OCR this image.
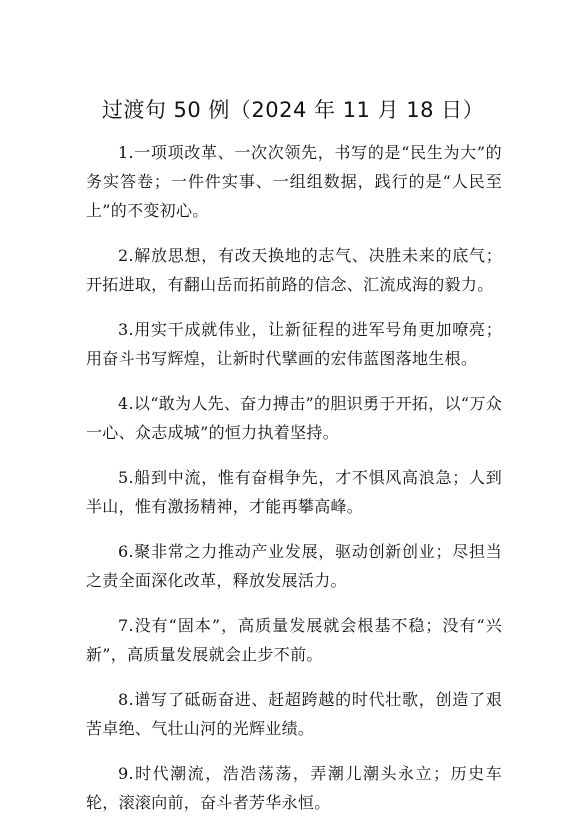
过渡句 50 例（2024 年 11 月 18 日）

1.一项项改革、一次次领先，书写的是“民生为大”的务实答卷；一件件实事、一组组数据，践行的是“人民至上”的不变初心。

2.解放思想，有改天换地的志气、决胜未来的底气；开拓进取，有翻山岳而拓前路的信念、汇流成海的毅力。

3.用实干成就伟业，让新征程的进军号角更加嘹亮；用奋斗书写辉煌，让新时代擘画的宏伟蓝图落地生根。

4.以“敢为人先、奋力搏击”的胆识勇于开拓，以“万众一心、众志成城”的恒力执着坚持。

5.船到中流，惟有奋楫争先，才不惧风高浪急；人到半山，惟有激扬精神，才能再攀高峰。

6.聚非常之力推动产业发展，驱动创新创业；尽担当之责全面深化改革，释放发展活力。

7.没有“固本”，高质量发展就会根基不稳；没有“兴新”，高质量发展就会止步不前。

8.谱写了砥砺奋进、赶超跨越的时代壮歌，创造了艰苦卓绝、气壮山河的光辉业绩。

9.时代潮流，浩浩荡荡，弄潮儿潮头永立；历史车轮，滚滚向前，奋斗者芳华永恒。
